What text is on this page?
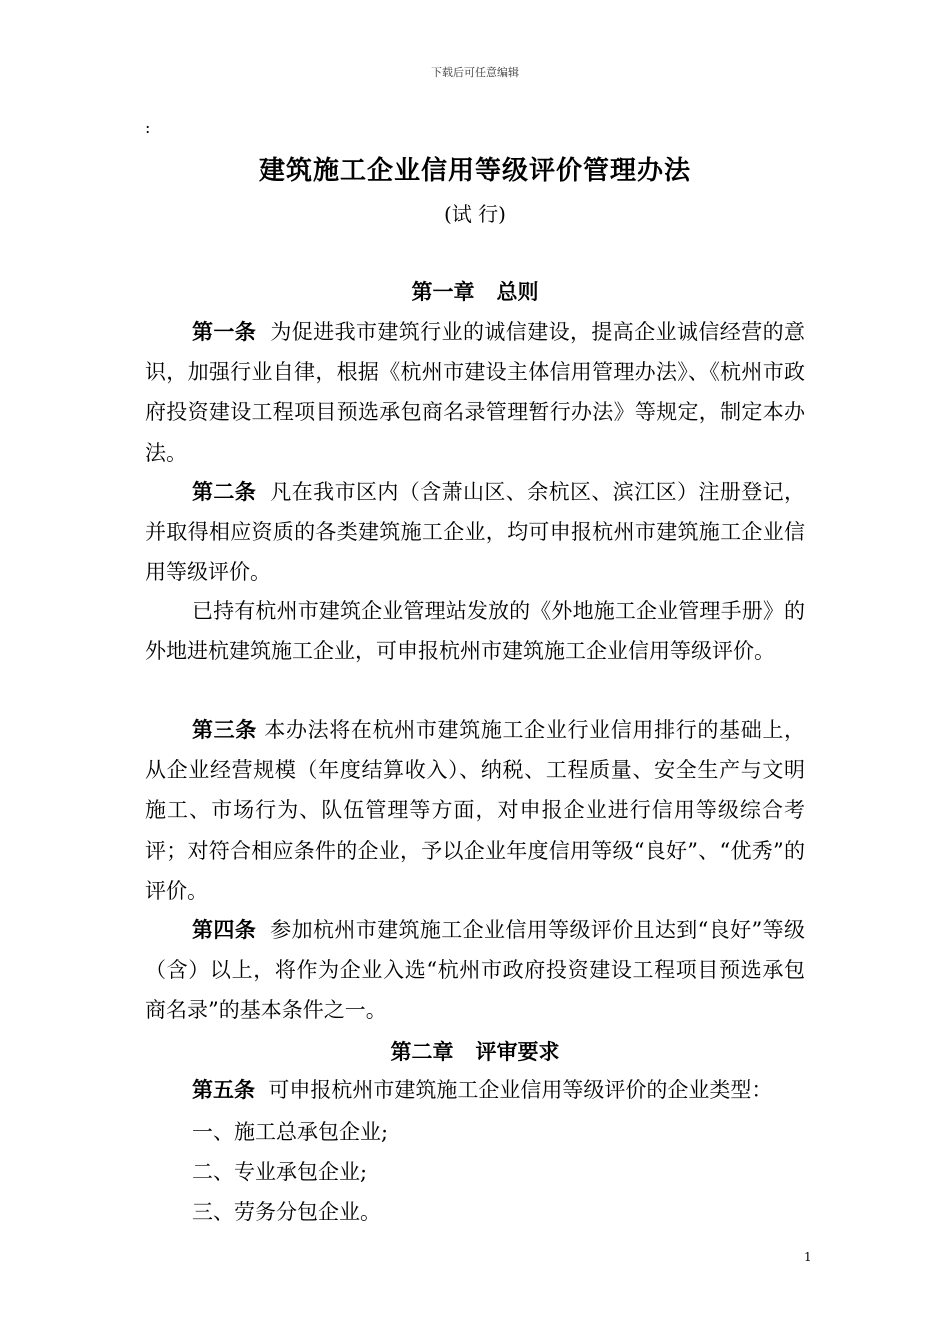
下载后可任意编辑
:
建筑施工企业信用等级评价管理办法
(试 行)
第一章 总则

第一条 为促进我市建筑行业的诚信建设，提高企业诚信经营的意识，加强行业自律，根据《杭州市建设主体信用管理办法》、《杭州市政府投资建设工程项目预选承包商名录管理暂行办法》等规定，制定本办法。

第二条 凡在我市区内（含萧山区、余杭区、滨江区）注册登记，并取得相应资质的各类建筑施工企业，均可申报杭州市建筑施工企业信用等级评价。

已持有杭州市建筑企业管理站发放的《外地施工企业管理手册》的外地进杭建筑施工企业，可申报杭州市建筑施工企业信用等级评价。

第三条 本办法将在杭州市建筑施工企业行业信用排行的基础上，从企业经营规模（年度结算收入）、纳税、工程质量、安全生产与文明施工、市场行为、队伍管理等方面，对申报企业进行信用等级综合考评；对符合相应条件的企业，予以企业年度信用等级“良好”、“优秀”的评价。

第四条 参加杭州市建筑施工企业信用等级评价且达到“良好”等级（含）以上，将作为企业入选“杭州市政府投资建设工程项目预选承包商名录”的基本条件之一。

第二章 评审要求

第五条 可申报杭州市建筑施工企业信用等级评价的企业类型：

一、施工总承包企业;
二、专业承包企业;
三、劳务分包企业。
1
